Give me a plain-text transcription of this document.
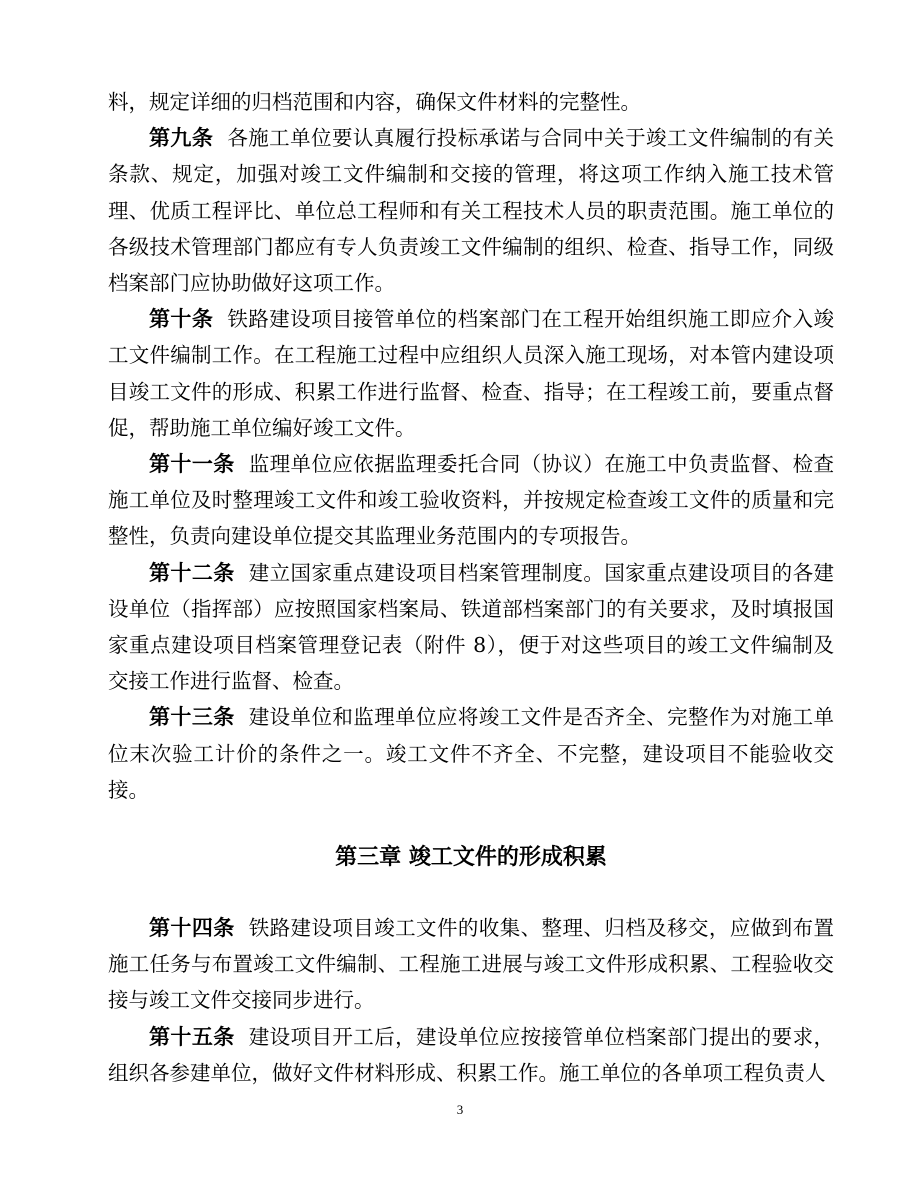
料，规定详细的归档范围和内容，确保文件材料的完整性。

第九条 各施工单位要认真履行投标承诺与合同中关于竣工文件编制的有关条款、规定，加强对竣工文件编制和交接的管理，将这项工作纳入施工技术管理、优质工程评比、单位总工程师和有关工程技术人员的职责范围。施工单位的各级技术管理部门都应有专人负责竣工文件编制的组织、检查、指导工作，同级档案部门应协助做好这项工作。

第十条 铁路建设项目接管单位的档案部门在工程开始组织施工即应介入竣工文件编制工作。在工程施工过程中应组织人员深入施工现场，对本管内建设项目竣工文件的形成、积累工作进行监督、检查、指导；在工程竣工前，要重点督促，帮助施工单位编好竣工文件。

第十一条 监理单位应依据监理委托合同（协议）在施工中负责监督、检查施工单位及时整理竣工文件和竣工验收资料，并按规定检查竣工文件的质量和完整性，负责向建设单位提交其监理业务范围内的专项报告。

第十二条 建立国家重点建设项目档案管理制度。国家重点建设项目的各建设单位（指挥部）应按照国家档案局、铁道部档案部门的有关要求，及时填报国家重点建设项目档案管理登记表（附件 8），便于对这些项目的竣工文件编制及交接工作进行监督、检查。

第十三条 建设单位和监理单位应将竣工文件是否齐全、完整作为对施工单位末次验工计价的条件之一。竣工文件不齐全、不完整，建设项目不能验收交接。

第三章 竣工文件的形成积累

第十四条 铁路建设项目竣工文件的收集、整理、归档及移交，应做到布置施工任务与布置竣工文件编制、工程施工进展与竣工文件形成积累、工程验收交接与竣工文件交接同步进行。

第十五条 建设项目开工后，建设单位应按接管单位档案部门提出的要求，组织各参建单位，做好文件材料形成、积累工作。施工单位的各单项工程负责人

3
